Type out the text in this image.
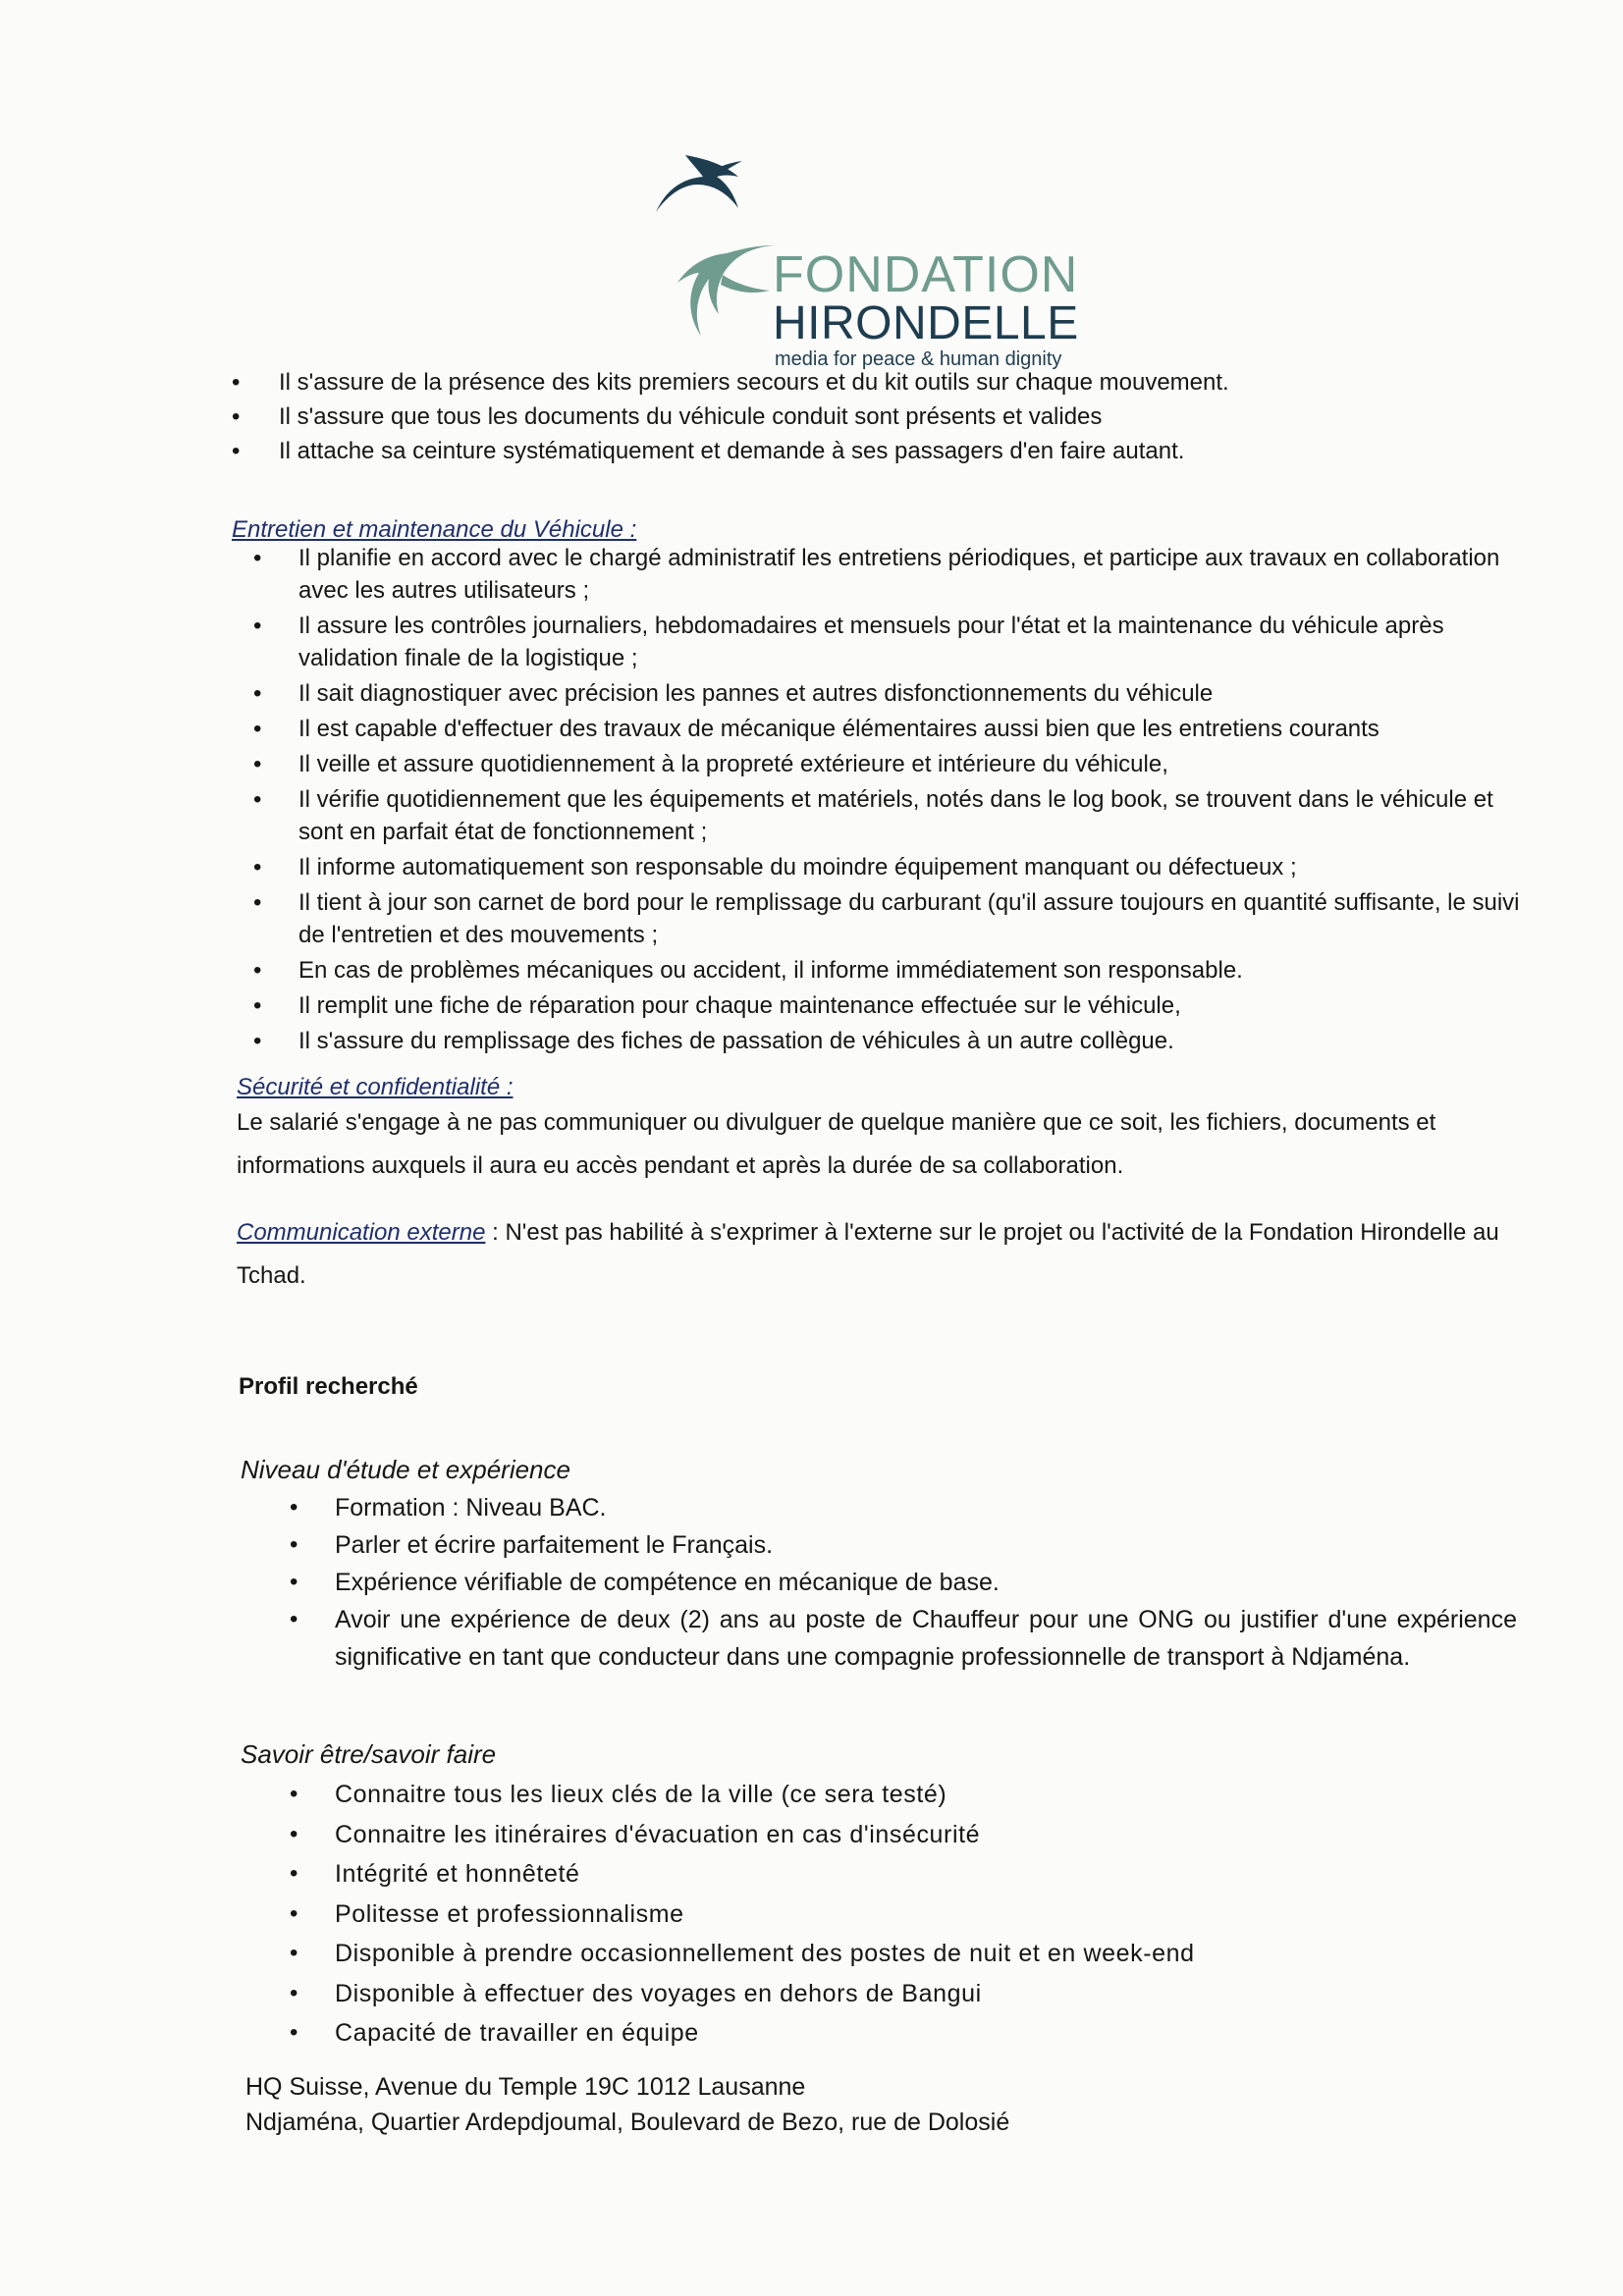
FONDATION
HIRONDELLE
media for peace & human dignity
• Il s'assure de la présence des kits premiers secours et du kit outils sur chaque mouvement.
• Il s'assure que tous les documents du véhicule conduit sont présents et valides
• Il attache sa ceinture systématiquement et demande à ses passagers d'en faire autant.
Entretien et maintenance du Véhicule :
• Il planifie en accord avec le chargé administratif les entretiens périodiques, et participe aux travaux en collaboration avec les autres utilisateurs ;
• Il assure les contrôles journaliers, hebdomadaires et mensuels pour l'état et la maintenance du véhicule après validation finale de la logistique ;
• Il sait diagnostiquer avec précision les pannes et autres disfonctionnements du véhicule
• Il est capable d'effectuer des travaux de mécanique élémentaires aussi bien que les entretiens courants
• Il veille et assure quotidiennement à la propreté extérieure et intérieure du véhicule,
• Il vérifie quotidiennement que les équipements et matériels, notés dans le log book, se trouvent dans le véhicule et sont en parfait état de fonctionnement ;
• Il informe automatiquement son responsable du moindre équipement manquant ou défectueux ;
• Il tient à jour son carnet de bord pour le remplissage du carburant (qu'il assure toujours en quantité suffisante, le suivi de l'entretien et des mouvements ;
• En cas de problèmes mécaniques ou accident, il informe immédiatement son responsable.
• Il remplit une fiche de réparation pour chaque maintenance effectuée sur le véhicule,
• Il s'assure du remplissage des fiches de passation de véhicules à un autre collègue.
Sécurité et confidentialité :
Le salarié s'engage à ne pas communiquer ou divulguer de quelque manière que ce soit, les fichiers, documents et informations auxquels il aura eu accès pendant et après la durée de sa collaboration.
Communication externe : N'est pas habilité à s'exprimer à l'externe sur le projet ou l'activité de la Fondation Hirondelle au Tchad.
Profil recherché
Niveau d'étude et expérience
• Formation : Niveau BAC.
• Parler et écrire parfaitement le Français.
• Expérience vérifiable de compétence en mécanique de base.
• Avoir une expérience de deux (2) ans au poste de Chauffeur pour une ONG ou justifier d'une expérience significative en tant que conducteur dans une compagnie professionnelle de transport à Ndjaména.
Savoir être/savoir faire
• Connaitre tous les lieux clés de la ville (ce sera testé)
• Connaitre les itinéraires d'évacuation en cas d'insécurité
• Intégrité et honnêteté
• Politesse et professionnalisme
• Disponible à prendre occasionnellement des postes de nuit et en week-end
• Disponible à effectuer des voyages en dehors de Bangui
• Capacité de travailler en équipe
HQ Suisse, Avenue du Temple 19C 1012 Lausanne
Ndjaména, Quartier Ardepdjoumal, Boulevard de Bezo, rue de Dolosié
